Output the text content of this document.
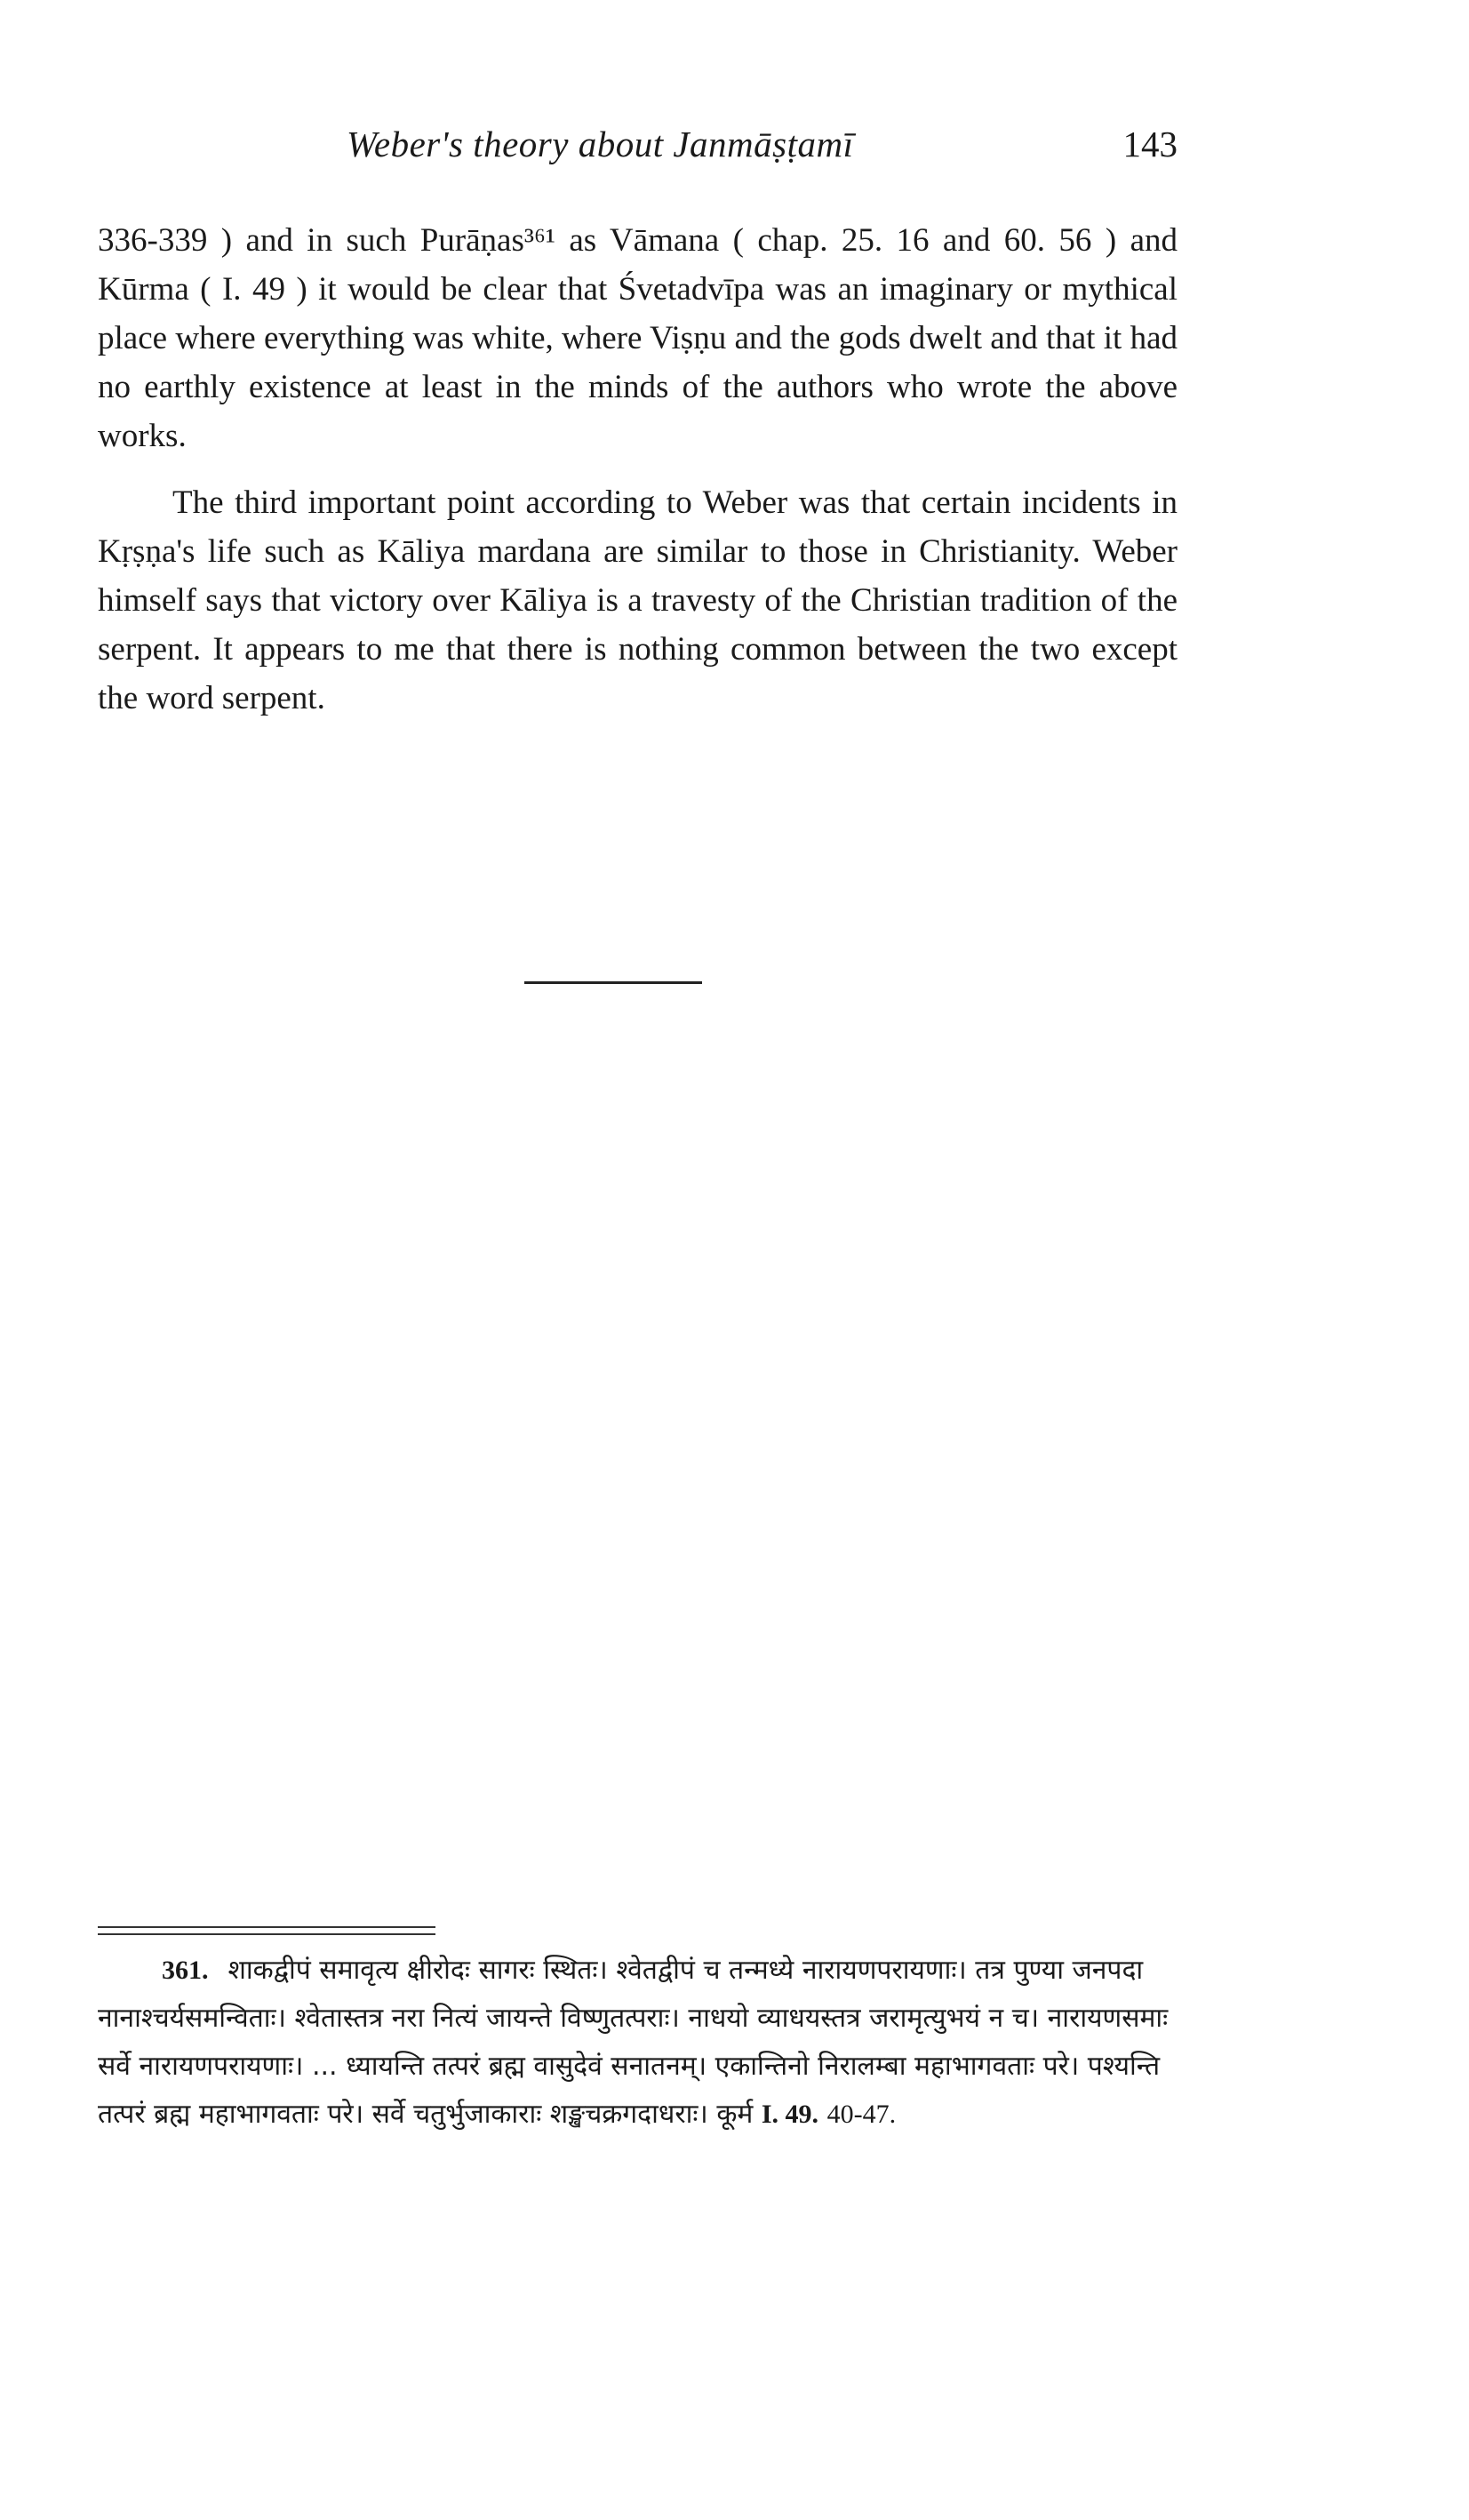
Weber's theory about Janmāṣṭamī	143

336-339 ) and in such Purāṇas³⁶¹ as Vāmana ( chap. 25. 16 and 60. 56 ) and Kūrma ( I. 49 ) it would be clear that Śvetadvīpa was an imaginary or mythical place where everything was white, where Viṣṇu and the gods dwelt and that it had no earthly existence at least in the minds of the authors who wrote the above works.

The third important point according to Weber was that certain incidents in Kṛṣṇa's life such as Kāliya mardana are similar to those in Christianity. Weber himself says that victory over Kāliya is a travesty of the Christian tradition of the serpent. It appears to me that there is nothing common between the two except the word serpent.

361. शाकद्वीपं समावृत्य क्षीरोदः सागरः स्थितः। श्वेतद्वीपं च तन्मध्ये नारायणपरायणाः। तत्र पुण्या जनपदा नानाश्चर्यसमन्विताः। श्वेतास्तत्र नरा नित्यं जायन्ते विष्णुतत्पराः। नाधयो व्याधयस्तत्र जरामृत्युभयं न च। नारायणसमाः सर्वे नारायणपरायणाः। ... ध्यायन्ति तत्परं ब्रह्म वासुदेवं सनातनम्। एकान्तिनो निरालम्बा महाभागवताः परे। पश्यन्ति तत्परं ब्रह्म महाभागवताः परे। सर्वे चतुर्भुजाकाराः शङ्खचक्रगदाधराः। कूर्म I. 49. 40-47.
